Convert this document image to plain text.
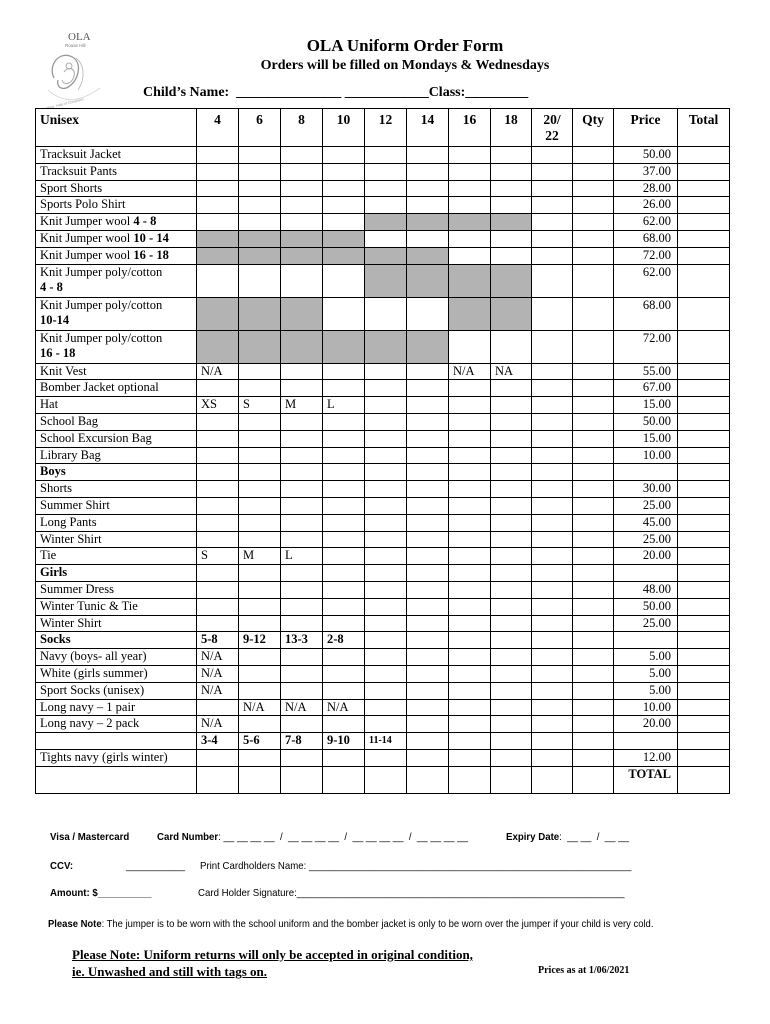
OLA
Rouse Hill
Mary, Help of Christians
OLA Uniform Order Form
Orders will be filled on Mondays & Wednesdays
Child’s Name:  _______________ ____________Class:_________
Unisex	4	6	8	10	12	14	16	18	20/ 22	Qty	Price	Total
Tracksuit Jacket											50.00	
Tracksuit Pants											37.00	
Sport Shorts											28.00	
Sports Polo Shirt											26.00	
Knit Jumper wool 4 - 8											62.00	
Knit Jumper wool 10 - 14											68.00	
Knit Jumper wool 16 - 18											72.00	
Knit Jumper poly/cotton
4 - 8											62.00	
Knit Jumper poly/cotton
10-14											68.00	
Knit Jumper poly/cotton
16 - 18											72.00	
Knit Vest	N/A						N/A	NA			55.00	
Bomber Jacket optional											67.00	
Hat	XS	S	M	L							15.00	
School Bag											50.00	
School Excursion Bag											15.00	
Library Bag											10.00	
Boys												
Shorts											30.00	
Summer Shirt											25.00	
Long Pants											45.00	
Winter Shirt											25.00	
Tie	S	M	L								20.00	
Girls												
Summer Dress											48.00	
Winter Tunic & Tie											50.00	
Winter Shirt											25.00	
Socks	5-8	9-12	13-3	2-8								
Navy (boys- all year)	N/A										5.00	
White (girls summer)	N/A										5.00	
Sport Socks (unisex)	N/A										5.00	
Long navy – 1 pair		N/A	N/A	N/A							10.00	
Long navy – 2 pack	N/A										20.00	
	3-4	5-6	7-8	9-10	11-14							
Tights navy (girls winter)											12.00	
											TOTAL	
Visa / Mastercard	Card Number: __ __ __ __  /  __ __ __ __  /  __ __ __ __  /  __ __ __ __	Expiry Date:  __ __  /  __ __
CCV:	___________ Print Cardholders Name: ____________________________________________________________
Amount: $__________	Card Holder Signature:_____________________________________________________________
Please Note: The jumper is to be worn with the school uniform and the bomber jacket is only to be worn over the jumper if your child is very cold.
Please Note: Uniform returns will only be accepted in original condition,
ie. Unwashed and still with tags on.	Prices as at 1/06/2021
